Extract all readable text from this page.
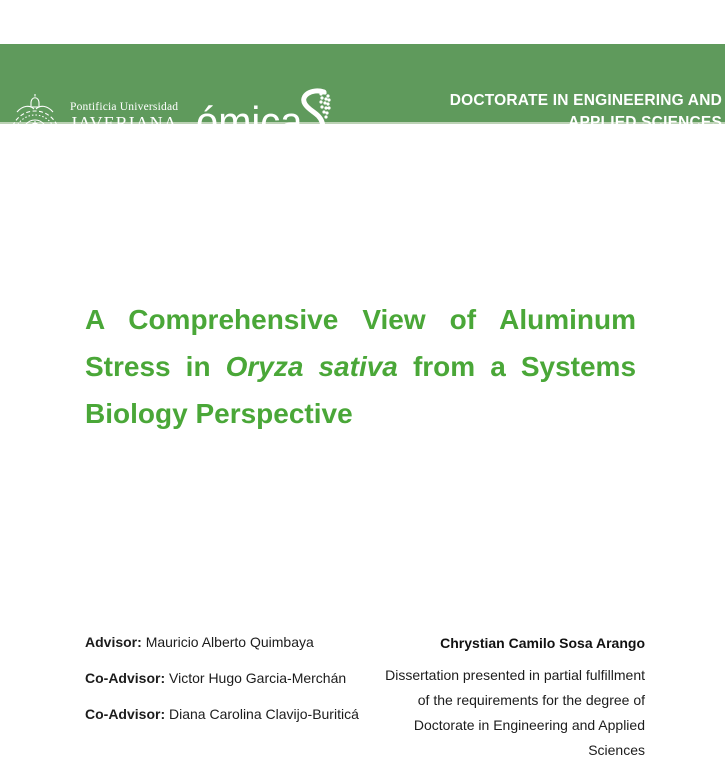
IHS
Pontificia Universidad
JAVERIANA
Cali ómica	DOCTORATE IN ENGINEERING AND
APPLIED SCIENCES
Faculty of Engineering and Sciences
A Comprehensive View of Aluminum
Stress in Oryza sativa from a Systems
Biology Perspective
Advisor: Mauricio Alberto Quimbaya
Co-Advisor: Victor Hugo Garcia-Merchán
Co-Advisor: Diana Carolina Clavijo-Buriticá
Chrystian Camilo Sosa Arango
Dissertation presented in partial fulfillment
of the requirements for the degree of
Doctorate in Engineering and Applied
Sciences
